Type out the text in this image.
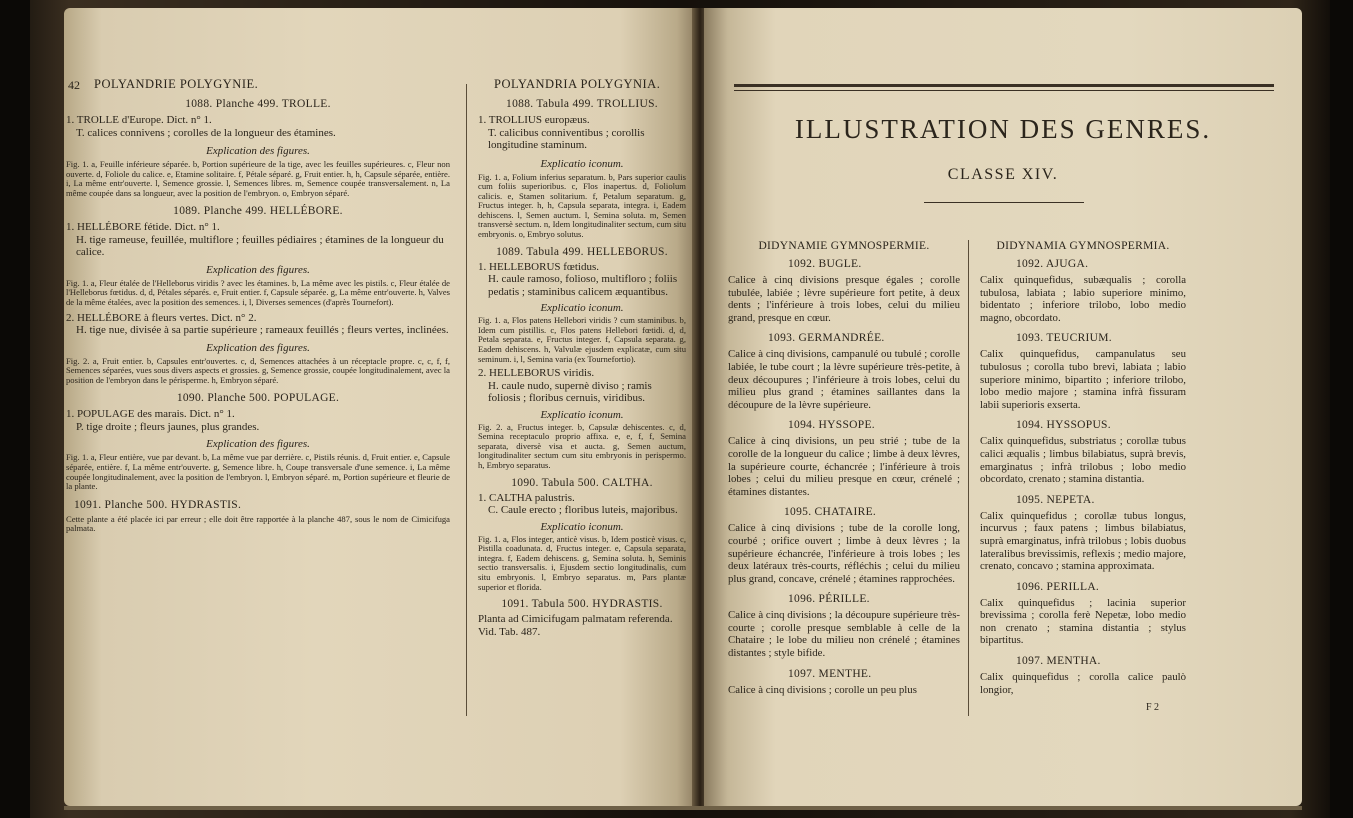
42 POLYANDRIE POLYGYNIE.	POLYANDRIA POLYGYNIA.
1088. Planche 499. TROLLE.
1. TROLLE d'Europe. Dict. n° 1.
T. calices connivens ; corolles de la longueur des étamines.
Explication des figures.
Fig. 1. a, Feuille inférieure séparée. b, Portion supérieure de la tige, avec les feuilles supérieures. c, Fleur non ouverte. d, Foliole du calice. e, Etamine solitaire. f, Pétale séparé. g, Fruit entier. h, h, Capsule séparée, entière. i, La même entr'ouverte. l, Semence grossie. l, Semences libres. m, Semence coupée transversalement. n, La même coupée dans sa longueur, avec la position de l'embryon. o, Embryon séparé.
1089. Planche 499. HELLÉBORE.
1. HELLÉBORE fétide. Dict. n° 1.
H. tige rameuse, feuillée, multiflore ; feuilles pédiaires ; étamines de la longueur du calice.
Explication des figures.
Fig. 1. a, Fleur étalée de l'Helleborus viridis ? avec les étamines. b, La même avec les pistils. c, Fleur étalée de l'Helleborus fœtidus. d, d, Pétales séparés. e, Fruit entier. f, Capsule séparée. g, La même entr'ouverte. h, Valves de la même étalées, avec la position des semences. i, l, Diverses semences (d'après Tournefort).
2. HELLÉBORE à fleurs vertes. Dict. n° 2.
H. tige nue, divisée à sa partie supérieure ; rameaux feuillés ; fleurs vertes, inclinées.
Explication des figures.
Fig. 2. a, Fruit entier. b, Capsules entr'ouvertes. c, d, Semences attachées à un réceptacle propre. c, c, f, f, Semences séparées, vues sous divers aspects et grossies. g, Semence grossie, coupée longitudinalement, avec la position de l'embryon dans le périsperme. h, Embryon séparé.
1090. Planche 500. POPULAGE.
1. POPULAGE des marais. Dict. n° 1.
P. tige droite ; fleurs jaunes, plus grandes.
Explication des figures.
Fig. 1. a, Fleur entière, vue par devant. b, La même vue par derrière. c, Pistils réunis. d, Fruit entier. e, Capsule séparée, entière. f, La même entr'ouverte. g, Semence libre. h, Coupe transversale d'une semence. i, La même coupée longitudinalement, avec la position de l'embryon. l, Embryon séparé. m, Portion supérieure et fleurie de la plante.
1091. Planche 500. HYDRASTIS.
Cette plante a été placée ici par erreur ; elle doit être rapportée à la planche 487, sous le nom de Cimicifuga palmata.
1088. Tabula 499. TROLLIUS.
1. TROLLIUS europæus.
T. calicibus conniventibus ; corollis longitudine staminum.
Explicatio iconum.
Fig. 1. a, Folium inferius separatum. b, Pars superior caulis cum foliis superioribus. c, Flos inapertus. d, Foliolum calicis. e, Stamen solitarium. f, Petalum separatum. g, Fructus integer. h, h, Capsula separata, integra. i, Eadem dehiscens. l, Semen auctum. l, Semina soluta. m, Semen transversè sectum. n, Idem longitudinaliter sectum, cum situ embryonis. o, Embryo solutus.
1089. Tabula 499. HELLEBORUS.
1. HELLEBORUS fœtidus.
H. caule ramoso, folioso, multifloro ; foliis pedatis ; staminibus calicem æquantibus.
Explicatio iconum.
Fig. 1. a, Flos patens Hellebori viridis ? cum staminibus. b, Idem cum pistillis. c, Flos patens Hellebori fœtidi. d, d, Petala separata. e, Fructus integer. f, Capsula separata. g, Eadem dehiscens. h, Valvulæ ejusdem explicatæ, cum situ seminum. i, l, Semina varia (ex Tournefortio).
2. HELLEBORUS viridis.
H. caule nudo, supernè diviso ; ramis foliosis ; floribus cernuis, viridibus.
Explicatio iconum.
Fig. 2. a, Fructus integer. b, Capsulæ dehiscentes. c, d, Semina receptaculo proprio affixa. e, e, f, f, Semina separata, diversè visa et aucta. g, Semen auctum, longitudinaliter sectum cum situ embryonis in perispermo. h, Embryo separatus.
1090. Tabula 500. CALTHA.
1. CALTHA palustris.
C. Caule erecto ; floribus luteis, majoribus.
Explicatio iconum.
Fig. 1. a, Flos integer, anticè visus. b, Idem posticè visus. c, Pistilla coadunata. d, Fructus integer. e, Capsula separata, integra. f, Eadem dehiscens. g, Semina soluta. h, Seminis sectio transversalis. i, Ejusdem sectio longitudinalis, cum situ embryonis. l, Embryo separatus. m, Pars plantæ superior et florida.
1091. Tabula 500. HYDRASTIS.
Planta ad Cimicifugam palmatam referenda. Vid. Tab. 487.
ILLUSTRATION DES GENRES.
CLASSE XIV.
DIDYNAMIE GYMNOSPERMIE.
1092. BUGLE.
Calice à cinq divisions presque égales ; corolle tubulée, labiée ; lèvre supérieure fort petite, à deux dents ; l'inférieure à trois lobes, celui du milieu grand, presque en cœur.
1093. GERMANDRÉE.
Calice à cinq divisions, campanulé ou tubulé ; corolle labiée, le tube court ; la lèvre supérieure très-petite, à deux découpures ; l'inférieure à trois lobes, celui du milieu plus grand ; étamines saillantes dans la découpure de la lèvre supérieure.
1094. HYSSOPE.
Calice à cinq divisions, un peu strié ; tube de la corolle de la longueur du calice ; limbe à deux lèvres, la supérieure courte, échancrée ; l'inférieure à trois lobes ; celui du milieu presque en cœur, crénelé ; étamines distantes.
1095. CHATAIRE.
Calice à cinq divisions ; tube de la corolle long, courbé ; orifice ouvert ; limbe à deux lèvres ; la supérieure échancrée, l'inférieure à trois lobes ; les deux latéraux très-courts, réfléchis ; celui du milieu plus grand, concave, crénelé ; étamines rapprochées.
1096. PÉRILLE.
Calice à cinq divisions ; la découpure supérieure très-courte ; corolle presque semblable à celle de la Chataire ; le lobe du milieu non crénelé ; étamines distantes ; style bifide.
1097. MENTHE.
Calice à cinq divisions ; corolle un peu plus
DIDYNAMIA GYMNOSPERMIA.
1092. AJUGA.
Calix quinquefidus, subæqualis ; corolla tubulosa, labiata ; labio superiore minimo, bidentato ; inferiore trilobo, lobo medio magno, obcordato.
1093. TEUCRIUM.
Calix quinquefidus, campanulatus seu tubulosus ; corolla tubo brevi, labiata ; labio superiore minimo, bipartito ; inferiore trilobo, lobo medio majore ; stamina infrà fissuram labii superioris exserta.
1094. HYSSOPUS.
Calix quinquefidus, substriatus ; corollæ tubus calici æqualis ; limbus bilabiatus, suprà brevis, emarginatus ; infrà trilobus ; lobo medio obcordato, crenato ; stamina distantia.
1095. NEPETA.
Calix quinquefidus ; corollæ tubus longus, incurvus ; faux patens ; limbus bilabiatus, suprà emarginatus, infrà trilobus ; lobis duobus lateralibus brevissimis, reflexis ; medio majore, crenato, concavo ; stamina approximata.
1096. PERILLA.
Calix quinquefidus ; lacinia superior brevissima ; corolla ferè Nepetæ, lobo medio non crenato ; stamina distantia ; stylus bipartitus.
1097. MENTHA.
Calix quinquefidus ; corolla calice paulò longior,
F 2
